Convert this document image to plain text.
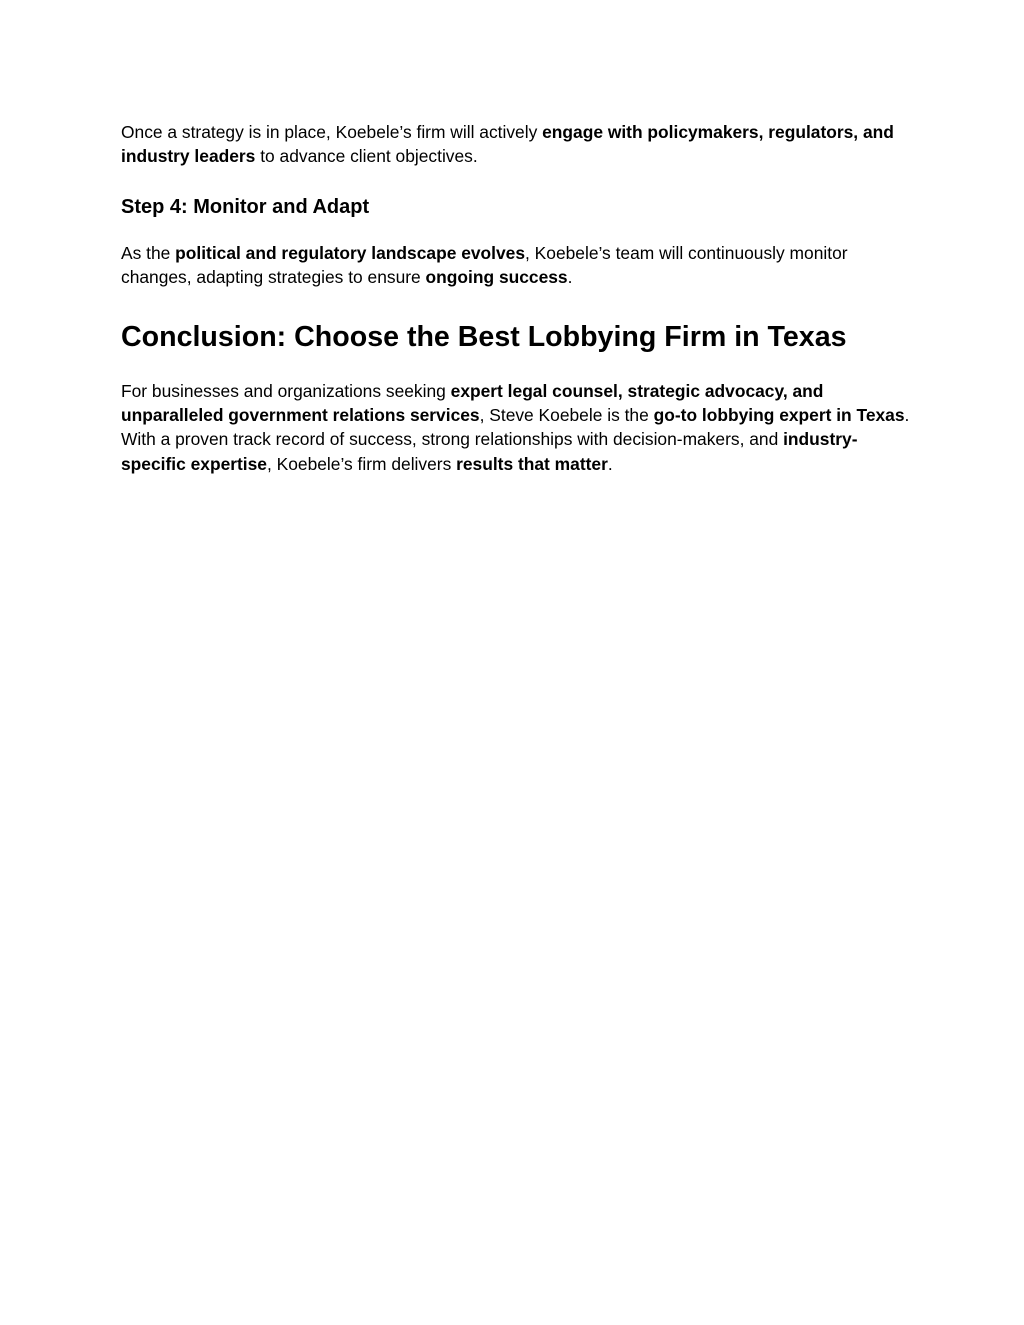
Once a strategy is in place, Koebele’s firm will actively engage with policymakers, regulators, and industry leaders to advance client objectives.

Step 4: Monitor and Adapt

As the political and regulatory landscape evolves, Koebele’s team will continuously monitor changes, adapting strategies to ensure ongoing success.

Conclusion: Choose the Best Lobbying Firm in Texas

For businesses and organizations seeking expert legal counsel, strategic advocacy, and unparalleled government relations services, Steve Koebele is the go-to lobbying expert in Texas. With a proven track record of success, strong relationships with decision-makers, and industry-specific expertise, Koebele’s firm delivers results that matter.
